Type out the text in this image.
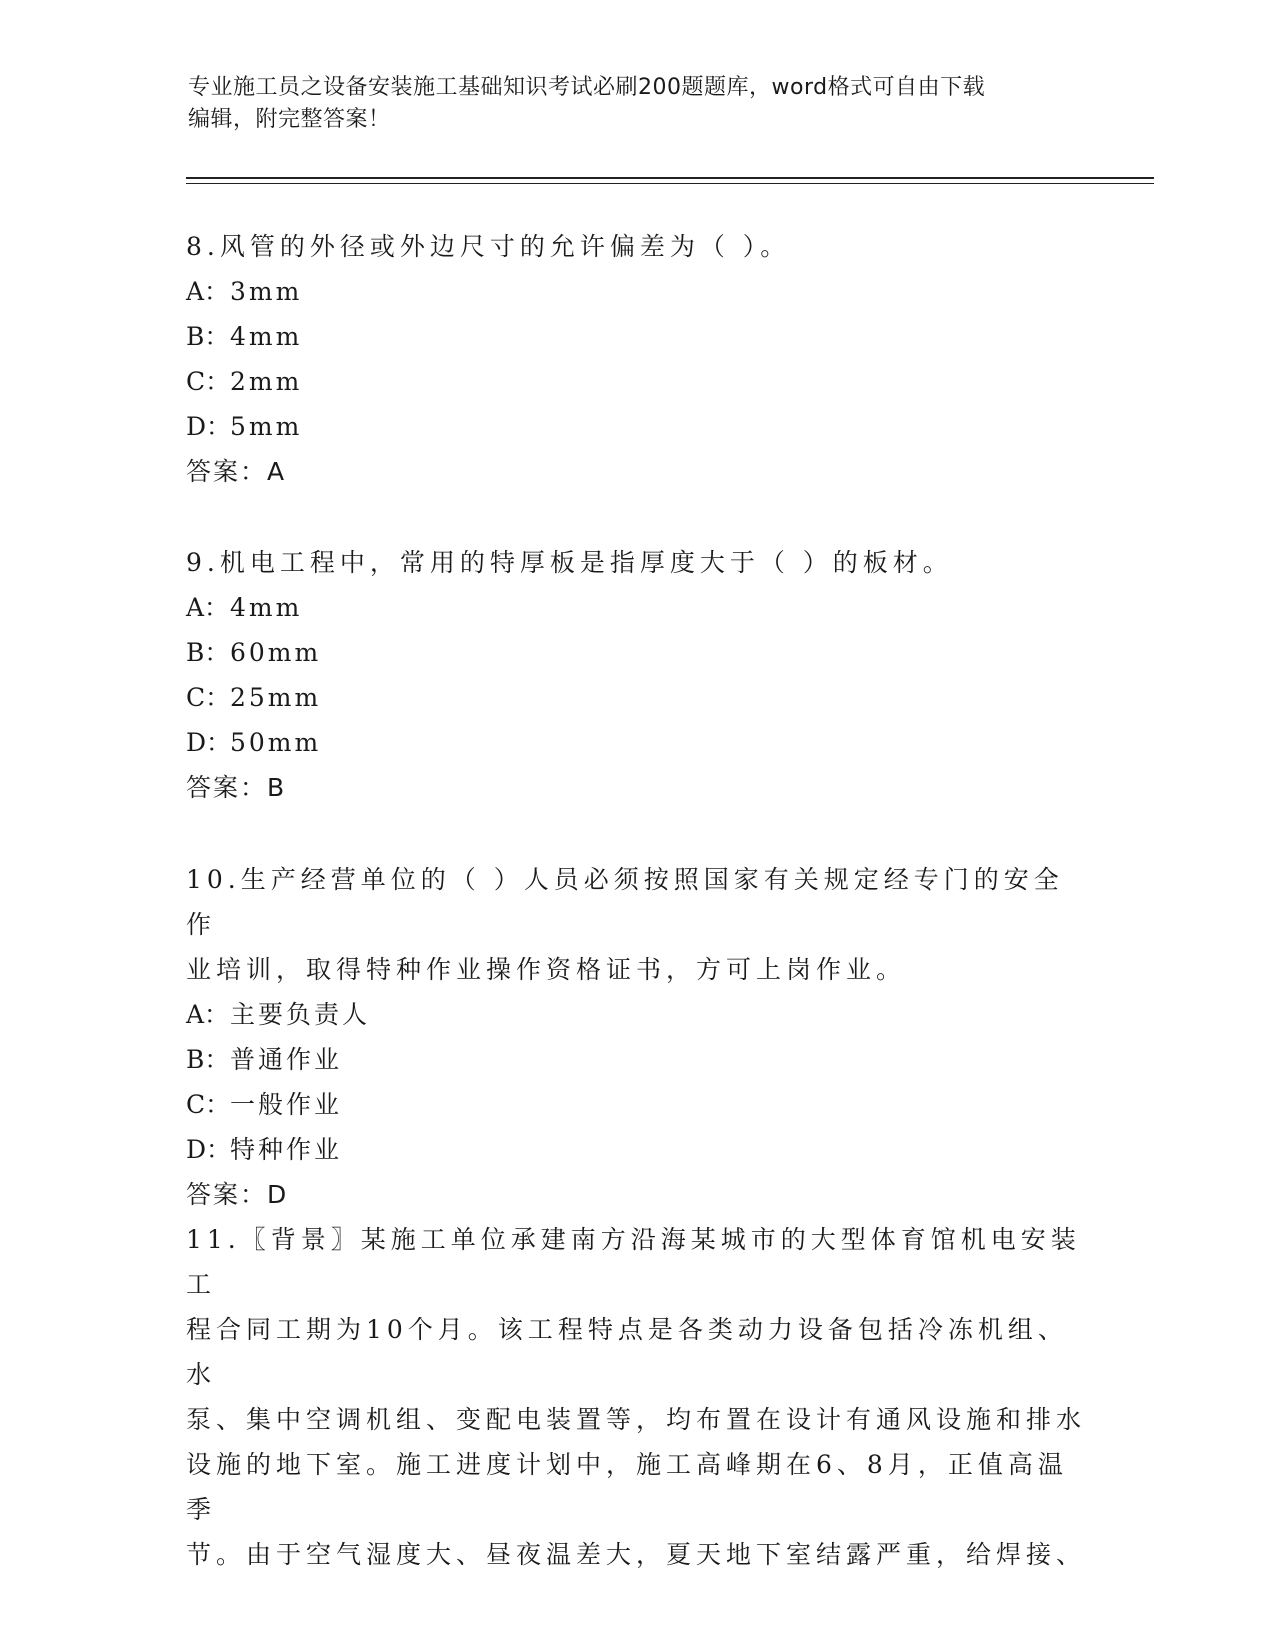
专业施工员之设备安装施工基础知识考试必刷200题题库，word格式可自由下载
编辑，附完整答案！

8.风管的外径或外边尺寸的允许偏差为（ ）。

A：3mm

B：4mm

C：2mm

D：5mm

答案：A

9.机电工程中，常用的特厚板是指厚度大于（ ）的板材。

A：4mm

B：60mm

C：25mm

D：50mm

答案：B

10.生产经营单位的（ ）人员必须按照国家有关规定经专门的安全作

业培训，取得特种作业操作资格证书，方可上岗作业。

A：主要负责人

B：普通作业

C：一般作业

D：特种作业

答案：D

11.〖背景〗某施工单位承建南方沿海某城市的大型体育馆机电安装工

程合同工期为10个月。该工程特点是各类动力设备包括冷冻机组、水

泵、集中空调机组、变配电装置等，均布置在设计有通风设施和排水

设施的地下室。施工进度计划中，施工高峰期在6、8月，正值高温季

节。由于空气湿度大、昼夜温差大，夏天地下室结露严重，给焊接、
